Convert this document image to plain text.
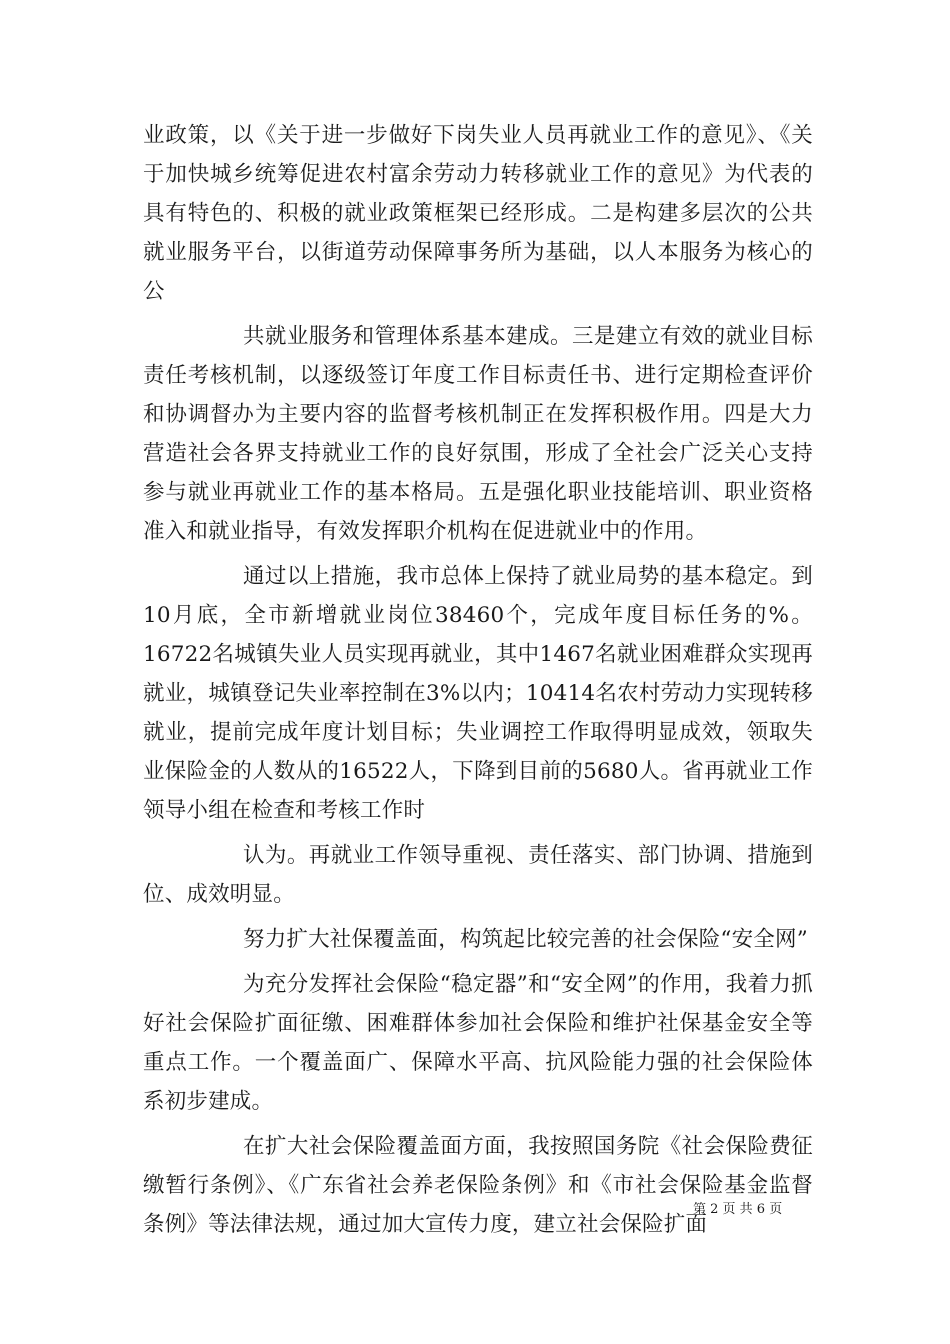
业政策，以《关于进一步做好下岗失业人员再就业工作的意见》、《关于加快城乡统筹促进农村富余劳动力转移就业工作的意见》为代表的具有特色的、积极的就业政策框架已经形成。二是构建多层次的公共就业服务平台，以街道劳动保障事务所为基础，以人本服务为核心的公

共就业服务和管理体系基本建成。三是建立有效的就业目标责任考核机制，以逐级签订年度工作目标责任书、进行定期检查评价和协调督办为主要内容的监督考核机制正在发挥积极作用。四是大力营造社会各界支持就业工作的良好氛围，形成了全社会广泛关心支持参与就业再就业工作的基本格局。五是强化职业技能培训、职业资格准入和就业指导，有效发挥职介机构在促进就业中的作用。

通过以上措施，我市总体上保持了就业局势的基本稳定。到10月底，全市新增就业岗位38460个，完成年度目标任务的%。16722名城镇失业人员实现再就业，其中1467名就业困难群众实现再就业，城镇登记失业率控制在3%以内；10414名农村劳动力实现转移就业，提前完成年度计划目标；失业调控工作取得明显成效，领取失业保险金的人数从的16522人，下降到目前的5680人。省再就业工作领导小组在检查和考核工作时

认为。再就业工作领导重视、责任落实、部门协调、措施到位、成效明显。

努力扩大社保覆盖面，构筑起比较完善的社会保险“安全网”

为充分发挥社会保险“稳定器”和“安全网”的作用，我着力抓好社会保险扩面征缴、困难群体参加社会保险和维护社保基金安全等重点工作。一个覆盖面广、保障水平高、抗风险能力强的社会保险体系初步建成。

在扩大社会保险覆盖面方面，我按照国务院《社会保险费征缴暂行条例》、《广东省社会养老保险条例》和《市社会保险基金监督条例》等法律法规，通过加大宣传力度，建立社会保险扩面

第 2 页 共 6 页
